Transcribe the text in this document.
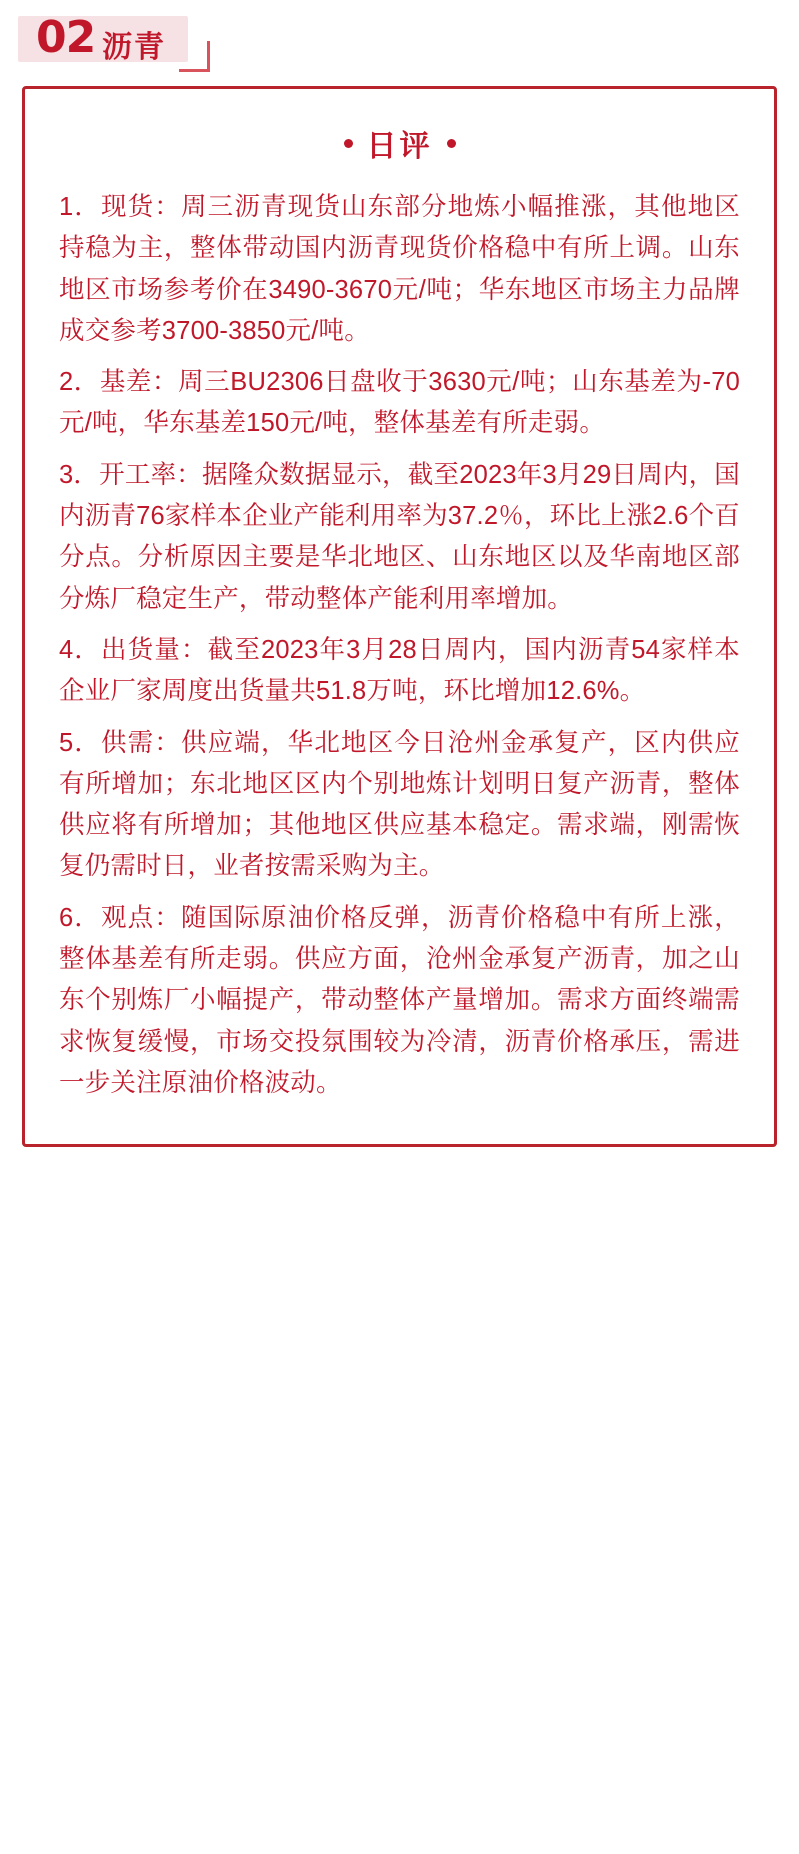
02 沥青
日评

1．现货：周三沥青现货山东部分地炼小幅推涨，其他地区持稳为主，整体带动国内沥青现货价格稳中有所上调。山东地区市场参考价在3490-3670元/吨；华东地区市场主力品牌成交参考3700-3850元/吨。

2．基差：周三BU2306日盘收于3630元/吨；山东基差为-70元/吨，华东基差150元/吨，整体基差有所走弱。

3．开工率：据隆众数据显示，截至2023年3月29日周内，国内沥青76家样本企业产能利用率为37.2％，环比上涨2.6个百分点。分析原因主要是华北地区、山东地区以及华南地区部分炼厂稳定生产，带动整体产能利用率增加。

4．出货量：截至2023年3月28日周内，国内沥青54家样本企业厂家周度出货量共51.8万吨，环比增加12.6%。

5．供需：供应端，华北地区今日沧州金承复产，区内供应有所增加；东北地区区内个别地炼计划明日复产沥青，整体供应将有所增加；其他地区供应基本稳定。需求端，刚需恢复仍需时日，业者按需采购为主。

6．观点：随国际原油价格反弹，沥青价格稳中有所上涨，整体基差有所走弱。供应方面，沧州金承复产沥青，加之山东个别炼厂小幅提产，带动整体产量增加。需求方面终端需求恢复缓慢，市场交投氛围较为冷清，沥青价格承压，需进一步关注原油价格波动。
